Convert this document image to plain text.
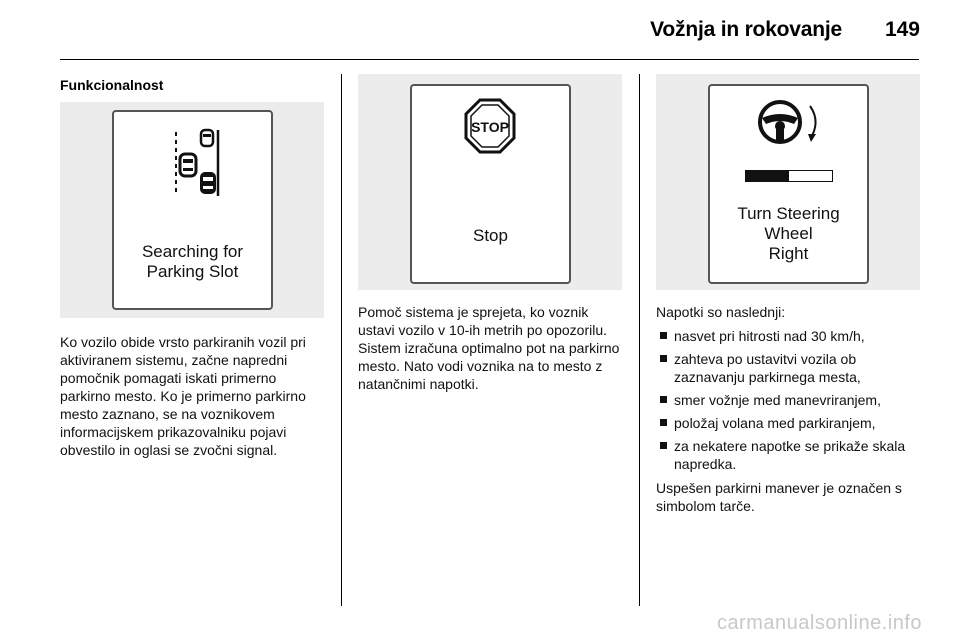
Vožnja in rokovanje 149
Funkcionalnost
Searching for
Parking Slot
Ko vozilo obide vrsto parkiranih vozil pri aktiviranem sistemu, začne napredni pomočnik pomagati iskati primerno parkirno mesto. Ko je primerno parkirno mesto zaznano, se na voznikovem informacijskem prikazovalniku pojavi obvestilo in oglasi se zvočni signal.
STOP
Stop
Pomoč sistema je sprejeta, ko voznik ustavi vozilo v 10-ih metrih po opozorilu. Sistem izračuna optimalno pot na parkirno mesto. Nato vodi voznika na to mesto z natančnimi napotki.
Turn Steering
Wheel
Right

Napotki so naslednji:

nasvet pri hitrosti nad 30 km/h,
zahteva po ustavitvi vozila ob zaznavanju parkirnega mesta,
smer vožnje med manevriranjem,
položaj volana med parkiranjem,
za nekatere napotke se prikaže skala napredka.

Uspešen parkirni manever je označen s simbolom tarče.

carmanualsonline.info
